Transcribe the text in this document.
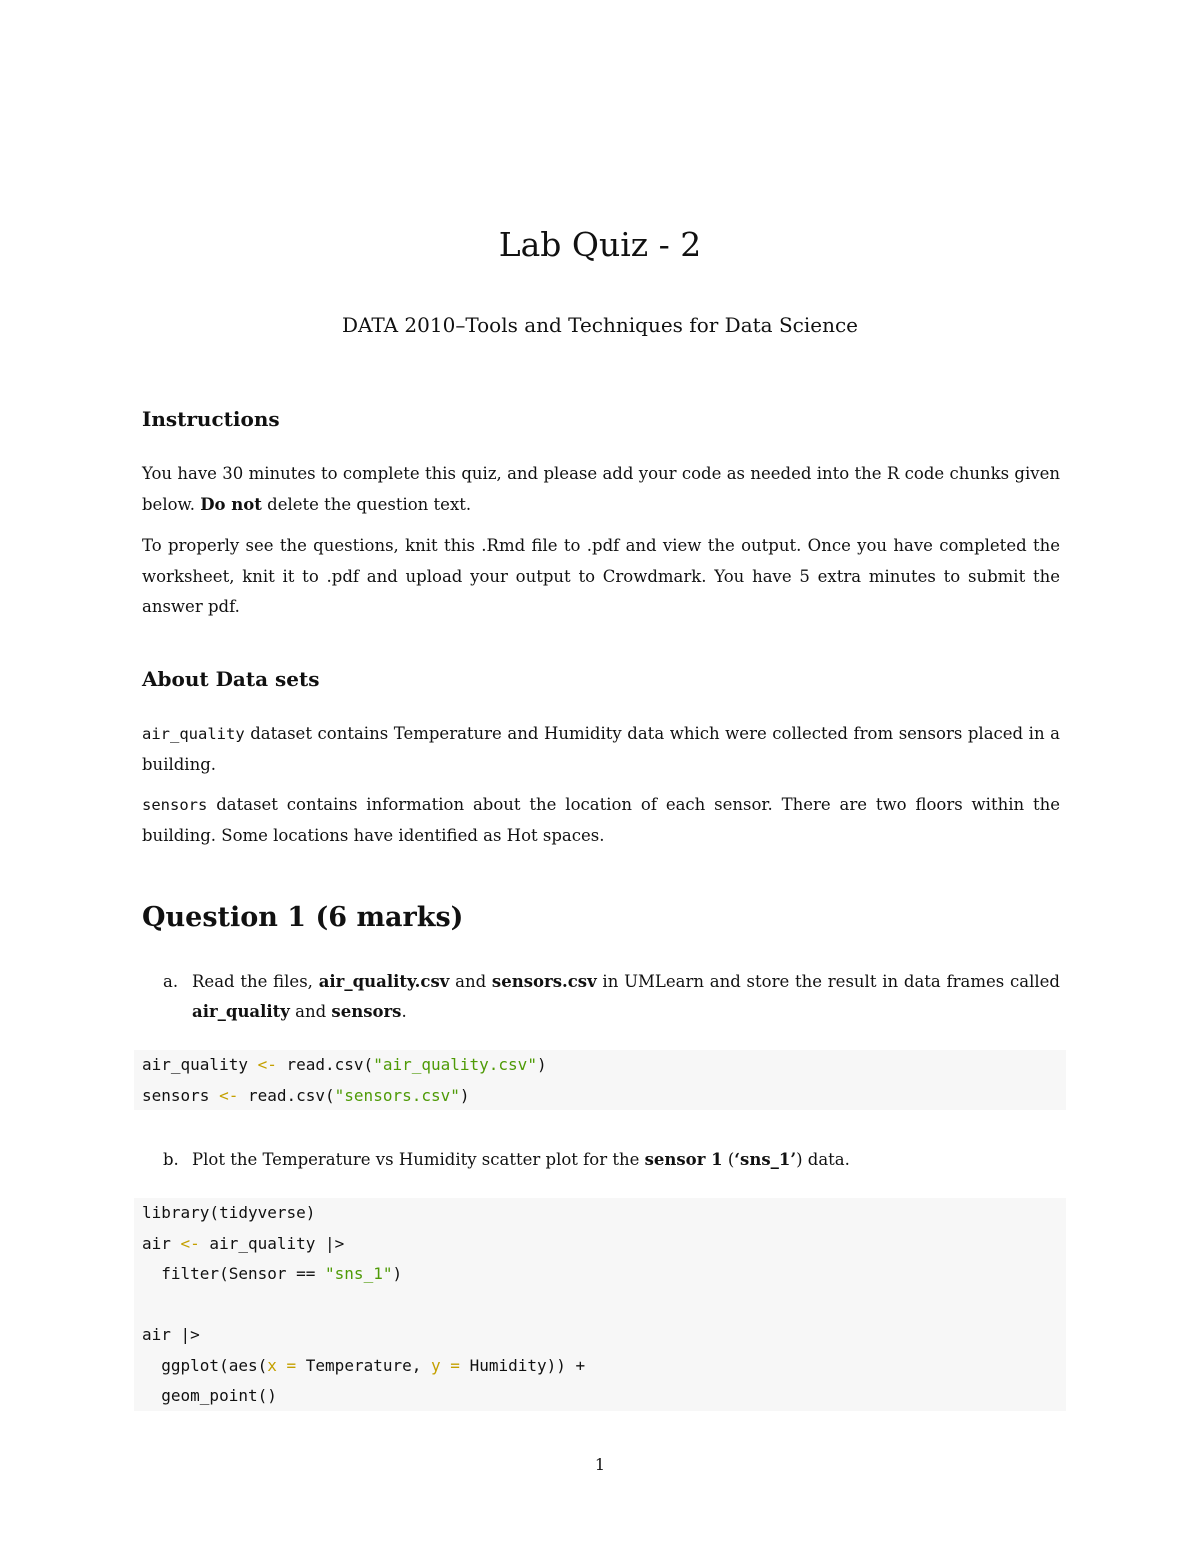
Lab Quiz - 2
DATA 2010–Tools and Techniques for Data Science
Instructions
You have 30 minutes to complete this quiz, and please add your code as needed into the R code chunks given below. Do not delete the question text.
To properly see the questions, knit this .Rmd file to .pdf and view the output. Once you have completed the worksheet, knit it to .pdf and upload your output to Crowdmark. You have 5 extra minutes to submit the answer pdf.
About Data sets
air_quality dataset contains Temperature and Humidity data which were collected from sensors placed in a building.
sensors dataset contains information about the location of each sensor. There are two floors within the building. Some locations have identified as Hot spaces.
Question 1 (6 marks)
a. Read the files, air_quality.csv and sensors.csv in UMLearn and store the result in data frames called air_quality and sensors.
air_quality <- read.csv("air_quality.csv")
sensors <- read.csv("sensors.csv")
b. Plot the Temperature vs Humidity scatter plot for the sensor 1 (‘sns_1’) data.
library(tidyverse)
air <- air_quality |>
filter(Sensor == "sns_1")
air |>
ggplot(aes(x = Temperature, y = Humidity)) +
geom_point()
1
